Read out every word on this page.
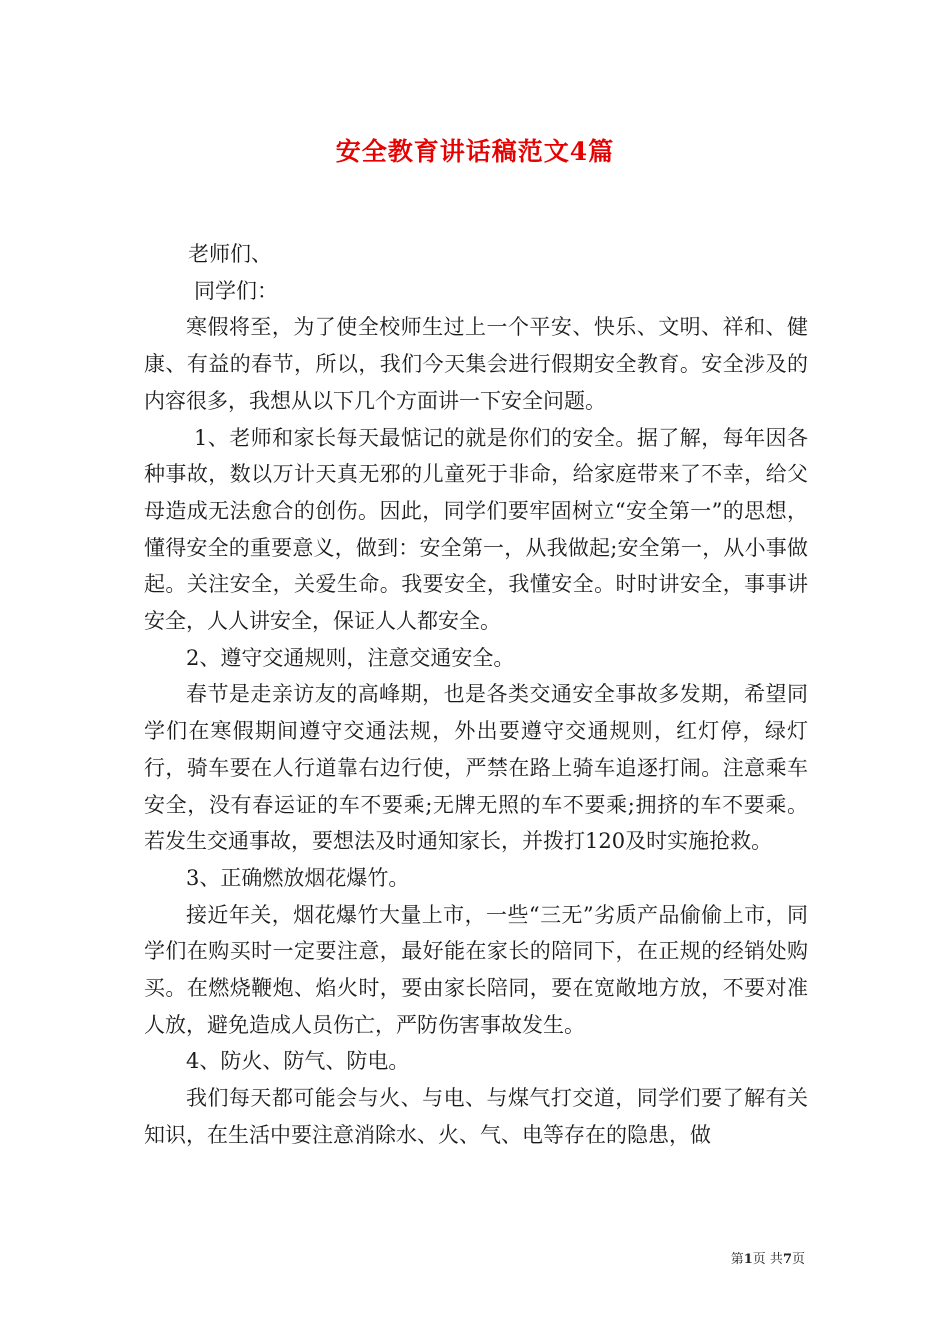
安全教育讲话稿范文4篇

老师们、

同学们：

寒假将至，为了使全校师生过上一个平安、快乐、文明、祥和、健康、有益的春节，所以，我们今天集会进行假期安全教育。安全涉及的内容很多，我想从以下几个方面讲一下安全问题。

1、老师和家长每天最惦记的就是你们的安全。据了解，每年因各种事故，数以万计天真无邪的儿童死于非命，给家庭带来了不幸，给父母造成无法愈合的创伤。因此，同学们要牢固树立“安全第一”的思想，懂得安全的重要意义，做到：安全第一，从我做起;安全第一，从小事做起。关注安全，关爱生命。我要安全，我懂安全。时时讲安全，事事讲安全，人人讲安全，保证人人都安全。

2、遵守交通规则，注意交通安全。

春节是走亲访友的高峰期，也是各类交通安全事故多发期，希望同学们在寒假期间遵守交通法规，外出要遵守交通规则，红灯停，绿灯行，骑车要在人行道靠右边行使，严禁在路上骑车追逐打闹。注意乘车安全，没有春运证的车不要乘;无牌无照的车不要乘;拥挤的车不要乘。若发生交通事故，要想法及时通知家长，并拨打120及时实施抢救。

3、正确燃放烟花爆竹。

接近年关，烟花爆竹大量上市，一些“三无”劣质产品偷偷上市，同学们在购买时一定要注意，最好能在家长的陪同下，在正规的经销处购买。在燃烧鞭炮、焰火时，要由家长陪同，要在宽敞地方放，不要对准人放，避免造成人员伤亡，严防伤害事故发生。

4、防火、防气、防电。

我们每天都可能会与火、与电、与煤气打交道，同学们要了解有关知识，在生活中要注意消除水、火、气、电等存在的隐患，做

第1页 共7页
